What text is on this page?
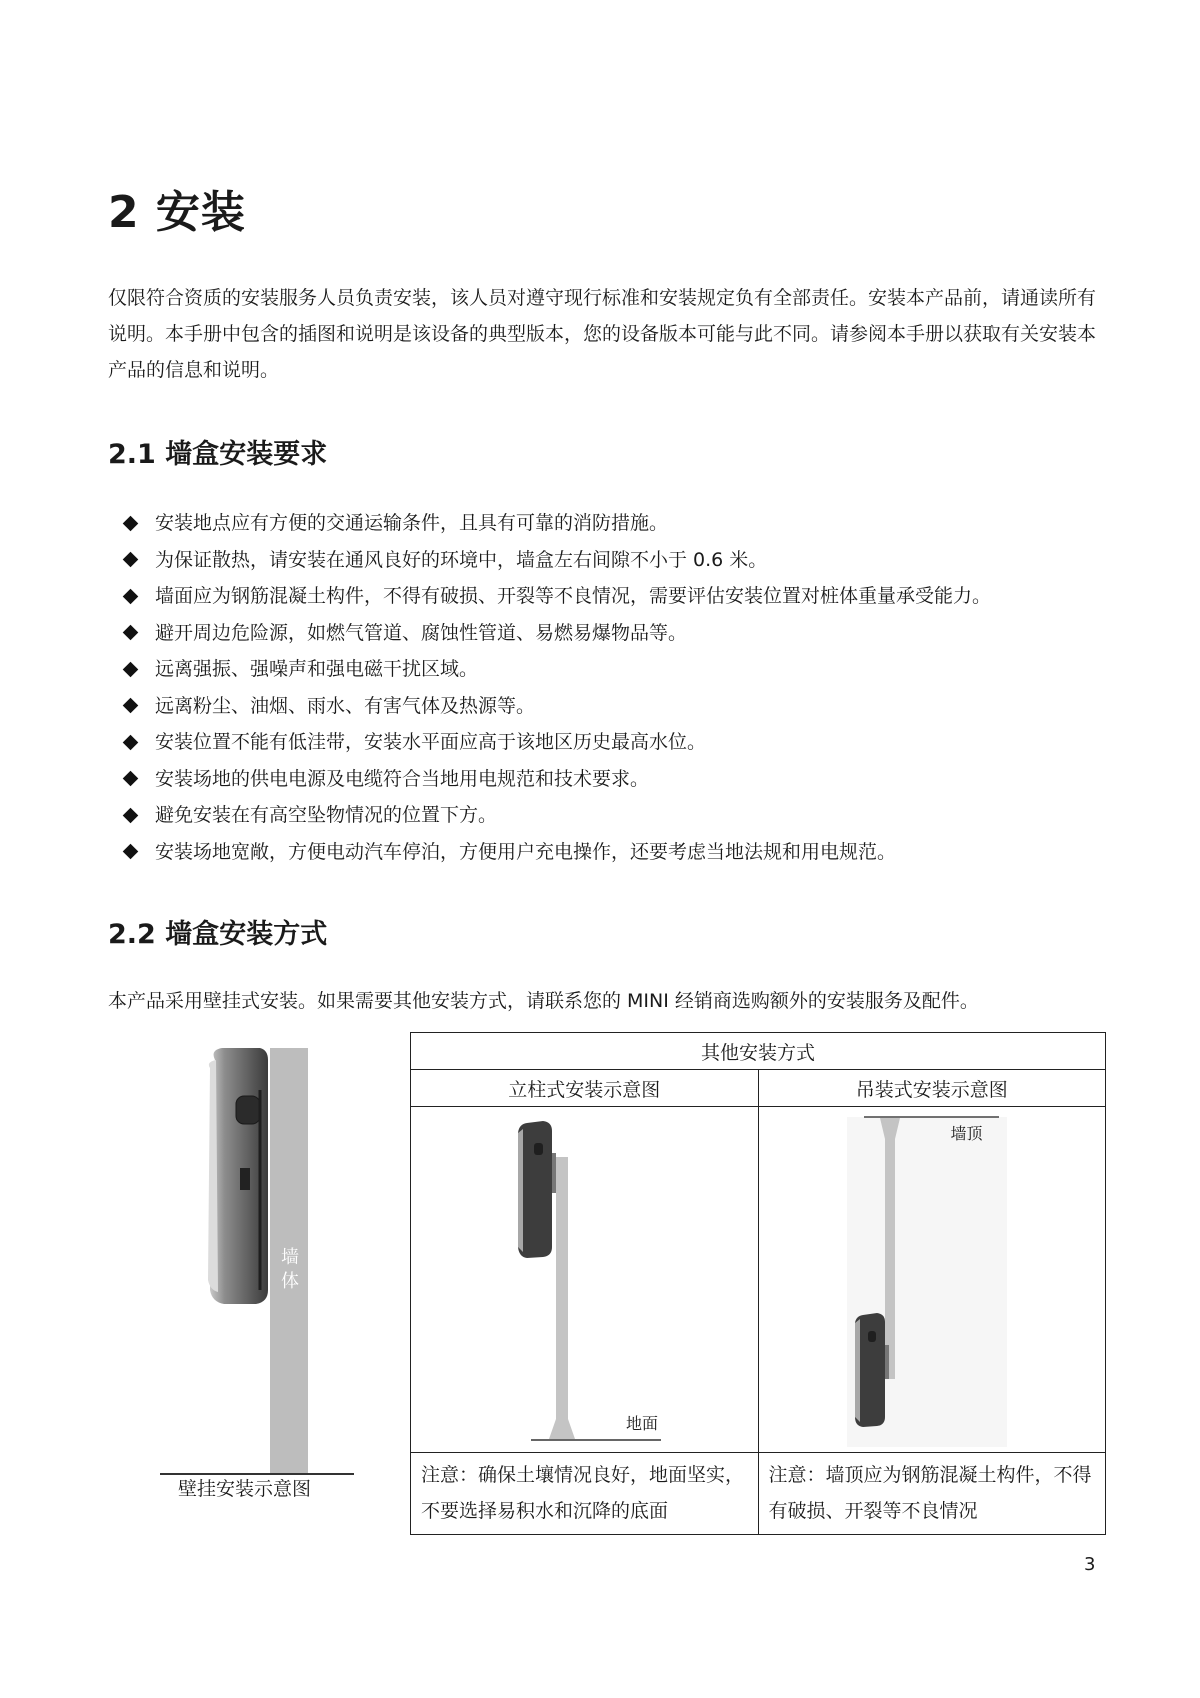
2 安装
仅限符合资质的安装服务人员负责安装，该人员对遵守现行标准和安装规定负有全部责任。安装本产品前，请通读所有说明。本手册中包含的插图和说明是该设备的典型版本，您的设备版本可能与此不同。请参阅本手册以获取有关安装本产品的信息和说明。
2.1 墙盒安装要求
安装地点应有方便的交通运输条件，且具有可靠的消防措施。
为保证散热，请安装在通风良好的环境中，墙盒左右间隙不小于 0.6 米。
墙面应为钢筋混凝土构件，不得有破损、开裂等不良情况，需要评估安装位置对桩体重量承受能力。
避开周边危险源，如燃气管道、腐蚀性管道、易燃易爆物品等。
远离强振、强噪声和强电磁干扰区域。
远离粉尘、油烟、雨水、有害气体及热源等。
安装位置不能有低洼带，安装水平面应高于该地区历史最高水位。
安装场地的供电电源及电缆符合当地用电规范和技术要求。
避免安装在有高空坠物情况的位置下方。
安装场地宽敞，方便电动汽车停泊，方便用户充电操作，还要考虑当地法规和用电规范。
2.2 墙盒安装方式
本产品采用壁挂式安装。如果需要其他安装方式，请联系您的 MINI 经销商选购额外的安装服务及配件。
墙体
壁挂安装示意图
其他安装方式	
立柱式安装示意图	吊装式安装示意图

地面	墙顶

注意：确保土壤情况良好，地面坚实，不要选择易积水和沉降的底面	注意：墙顶应为钢筋混凝土构件，不得有破损、开裂等不良情况
3
